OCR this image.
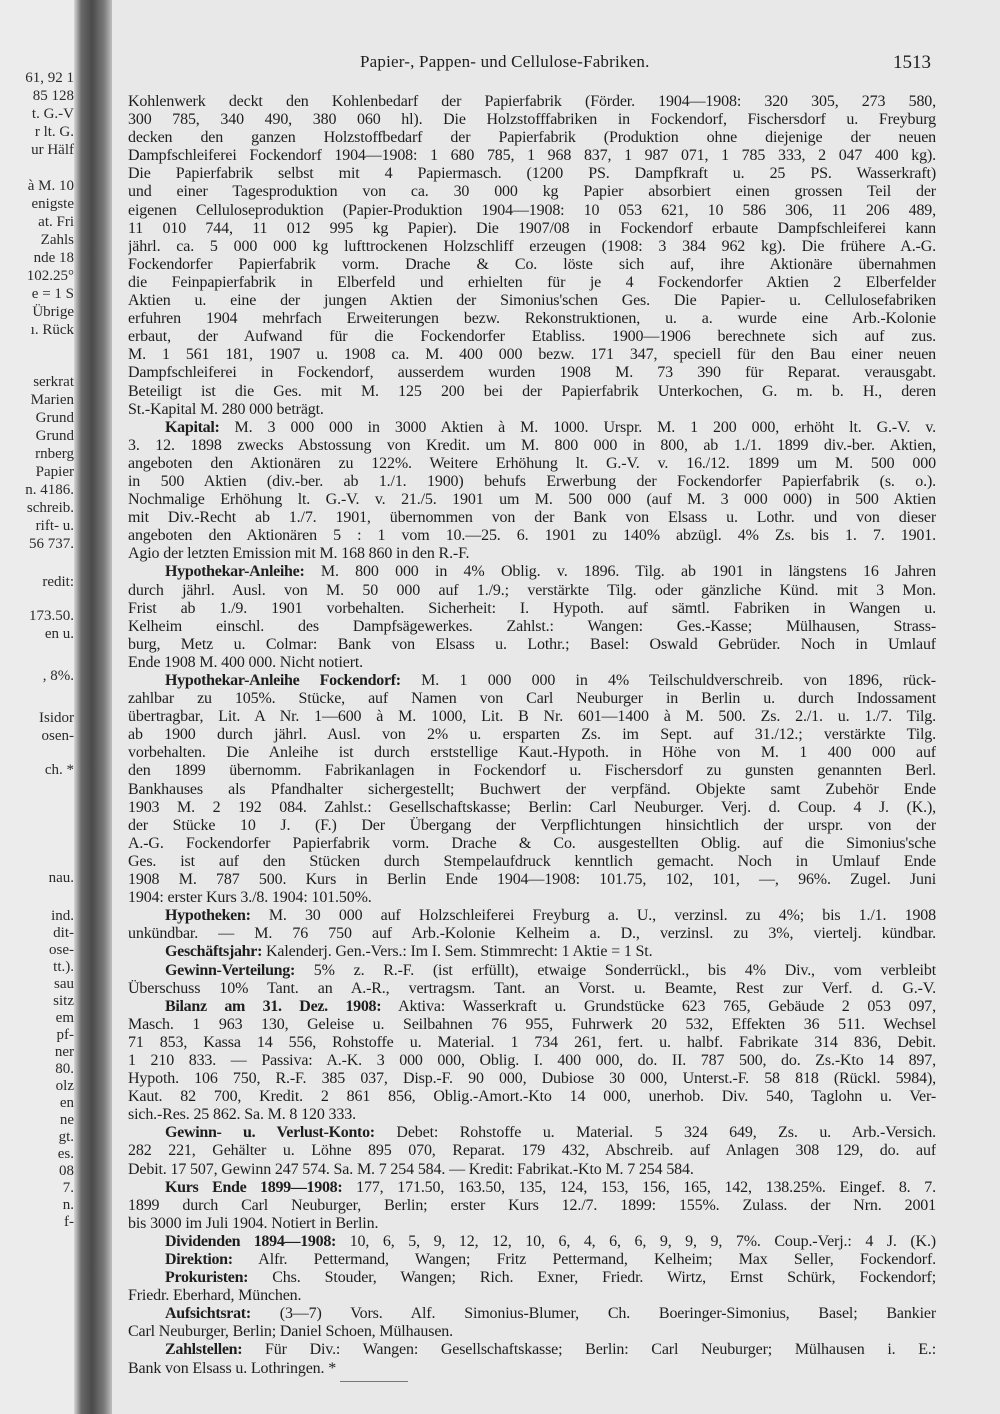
61, 92 1
85 128
t. G.-V
r lt. G.
ur Hälf
à M. 10
enigste
at. Fri
Zahls
nde 18
102.25°
e = 1 S
Übrige
ı. Rück
serkrat
Marien
Grund
Grund
rnberg
Papier
n. 4186.
schreib.
rift- u.
56 737.
redit:
173.50.
en u.
, 8%.
Isidor
osen-
ch. *
nau.
ind.
dit-
ose-
tt.).
sau
sitz
em
pf-
ner
80.
olz
en
ne
gt.
es.
08
7.
n.
f-
Papier-, Pappen- und Cellulose-Fabriken.	1513
Kohlenwerk deckt den Kohlenbedarf der Papierfabrik (Förder. 1904—1908: 320 305, 273 580,
300 785, 340 490, 380 060 hl). Die Holzstofffabriken in Fockendorf, Fischersdorf u. Freyburg
decken den ganzen Holzstoffbedarf der Papierfabrik (Produktion ohne diejenige der neuen
Dampfschleiferei Fockendorf 1904—1908: 1 680 785, 1 968 837, 1 987 071, 1 785 333, 2 047 400 kg).
Die Papierfabrik selbst mit 4 Papiermasch. (1200 PS. Dampfkraft u. 25 PS. Wasserkraft)
und einer Tagesproduktion von ca. 30 000 kg Papier absorbiert einen grossen Teil der
eigenen Celluloseproduktion (Papier-Produktion 1904—1908: 10 053 621, 10 586 306, 11 206 489,
11 010 744, 11 012 995 kg Papier). Die 1907/08 in Fockendorf erbaute Dampfschleiferei kann
jährl. ca. 5 000 000 kg lufttrockenen Holzschliff erzeugen (1908: 3 384 962 kg). Die frühere A.-G.
Fockendorfer Papierfabrik vorm. Drache & Co. löste sich auf, ihre Aktionäre übernahmen
die Feinpapierfabrik in Elberfeld und erhielten für je 4 Fockendorfer Aktien 2 Elberfelder
Aktien u. eine der jungen Aktien der Simonius'schen Ges. Die Papier- u. Cellulosefabriken
erfuhren 1904 mehrfach Erweiterungen bezw. Rekonstruktionen, u. a. wurde eine Arb.-Kolonie
erbaut, der Aufwand für die Fockendorfer Etabliss. 1900—1906 berechnete sich auf zus.
M. 1 561 181, 1907 u. 1908 ca. M. 400 000 bezw. 171 347, speciell für den Bau einer neuen
Dampfschleiferei in Fockendorf, ausserdem wurden 1908 M. 73 390 für Reparat. verausgabt.
Beteiligt ist die Ges. mit M. 125 200 bei der Papierfabrik Unterkochen, G. m. b. H., deren
St.-Kapital M. 280 000 beträgt.
Kapital: M. 3 000 000 in 3000 Aktien à M. 1000. Urspr. M. 1 200 000, erhöht lt. G.-V. v.
3. 12. 1898 zwecks Abstossung von Kredit. um M. 800 000 in 800, ab 1./1. 1899 div.-ber. Aktien,
angeboten den Aktionären zu 122%. Weitere Erhöhung lt. G.-V. v. 16./12. 1899 um M. 500 000
in 500 Aktien (div.-ber. ab 1./1. 1900) behufs Erwerbung der Fockendorfer Papierfabrik (s. o.).
Nochmalige Erhöhung lt. G.-V. v. 21./5. 1901 um M. 500 000 (auf M. 3 000 000) in 500 Aktien
mit Div.-Recht ab 1./7. 1901, übernommen von der Bank von Elsass u. Lothr. und von dieser
angeboten den Aktionären 5 : 1 vom 10.—25. 6. 1901 zu 140% abzügl. 4% Zs. bis 1. 7. 1901.
Agio der letzten Emission mit M. 168 860 in den R.-F.
Hypothekar-Anleihe: M. 800 000 in 4% Oblig. v. 1896. Tilg. ab 1901 in längstens 16 Jahren
durch jährl. Ausl. von M. 50 000 auf 1./9.; verstärkte Tilg. oder gänzliche Künd. mit 3 Mon.
Frist ab 1./9. 1901 vorbehalten. Sicherheit: I. Hypoth. auf sämtl. Fabriken in Wangen u.
Kelheim einschl. des Dampfsägewerkes. Zahlst.: Wangen: Ges.-Kasse; Mülhausen, Strass-
burg, Metz u. Colmar: Bank von Elsass u. Lothr.; Basel: Oswald Gebrüder. Noch in Umlauf
Ende 1908 M. 400 000. Nicht notiert.
Hypothekar-Anleihe Fockendorf: M. 1 000 000 in 4% Teilschuldverschreib. von 1896, rück-
zahlbar zu 105%. Stücke, auf Namen von Carl Neuburger in Berlin u. durch Indossament
übertragbar, Lit. A Nr. 1—600 à M. 1000, Lit. B Nr. 601—1400 à M. 500. Zs. 2./1. u. 1./7. Tilg.
ab 1900 durch jährl. Ausl. von 2% u. ersparten Zs. im Sept. auf 31./12.; verstärkte Tilg.
vorbehalten. Die Anleihe ist durch erststellige Kaut.-Hypoth. in Höhe von M. 1 400 000 auf
den 1899 übernomm. Fabrikanlagen in Fockendorf u. Fischersdorf zu gunsten genannten Berl.
Bankhauses als Pfandhalter sichergestellt; Buchwert der verpfänd. Objekte samt Zubehör Ende
1903 M. 2 192 084. Zahlst.: Gesellschaftskasse; Berlin: Carl Neuburger. Verj. d. Coup. 4 J. (K.),
der Stücke 10 J. (F.) Der Übergang der Verpflichtungen hinsichtlich der urspr. von der
A.-G. Fockendorfer Papierfabrik vorm. Drache & Co. ausgestellten Oblig. auf die Simonius'sche
Ges. ist auf den Stücken durch Stempelaufdruck kenntlich gemacht. Noch in Umlauf Ende
1908 M. 787 500. Kurs in Berlin Ende 1904—1908: 101.75, 102, 101, —, 96%. Zugel. Juni
1904: erster Kurs 3./8. 1904: 101.50%.
Hypotheken: M. 30 000 auf Holzschleiferei Freyburg a. U., verzinsl. zu 4%; bis 1./1. 1908
unkündbar. — M. 76 750 auf Arb.-Kolonie Kelheim a. D., verzinsl. zu 3%, viertelj. kündbar.
Geschäftsjahr: Kalenderj. Gen.-Vers.: Im I. Sem. Stimmrecht: 1 Aktie = 1 St.
Gewinn-Verteilung: 5% z. R.-F. (ist erfüllt), etwaige Sonderrückl., bis 4% Div., vom verbleibt
Überschuss 10% Tant. an A.-R., vertragsm. Tant. an Vorst. u. Beamte, Rest zur Verf. d. G.-V.
Bilanz am 31. Dez. 1908: Aktiva: Wasserkraft u. Grundstücke 623 765, Gebäude 2 053 097,
Masch. 1 963 130, Geleise u. Seilbahnen 76 955, Fuhrwerk 20 532, Effekten 36 511. Wechsel
71 853, Kassa 14 556, Rohstoffe u. Material. 1 734 261, fert. u. halbf. Fabrikate 314 836, Debit.
1 210 833. — Passiva: A.-K. 3 000 000, Oblig. I. 400 000, do. II. 787 500, do. Zs.-Kto 14 897,
Hypoth. 106 750, R.-F. 385 037, Disp.-F. 90 000, Dubiose 30 000, Unterst.-F. 58 818 (Rückl. 5984),
Kaut. 82 700, Kredit. 2 861 856, Oblig.-Amort.-Kto 14 000, unerhob. Div. 540, Taglohn u. Ver-
sich.-Res. 25 862. Sa. M. 8 120 333.
Gewinn- u. Verlust-Konto: Debet: Rohstoffe u. Material. 5 324 649, Zs. u. Arb.-Versich.
282 221, Gehälter u. Löhne 895 070, Reparat. 179 432, Abschreib. auf Anlagen 308 129, do. auf
Debit. 17 507, Gewinn 247 574. Sa. M. 7 254 584. — Kredit: Fabrikat.-Kto M. 7 254 584.
Kurs Ende 1899—1908: 177, 171.50, 163.50, 135, 124, 153, 156, 165, 142, 138.25%. Eingef. 8. 7.
1899 durch Carl Neuburger, Berlin; erster Kurs 12./7. 1899: 155%. Zulass. der Nrn. 2001
bis 3000 im Juli 1904. Notiert in Berlin.
Dividenden 1894—1908: 10, 6, 5, 9, 12, 12, 10, 6, 4, 6, 6, 9, 9, 9, 7%. Coup.-Verj.: 4 J. (K.)
Direktion: Alfr. Pettermand, Wangen; Fritz Pettermand, Kelheim; Max Seller, Fockendorf.
Prokuristen: Chs. Stouder, Wangen; Rich. Exner, Friedr. Wirtz, Ernst Schürk, Fockendorf;
Friedr. Eberhard, München.
Aufsichtsrat: (3—7) Vors. Alf. Simonius-Blumer, Ch. Boeringer-Simonius, Basel; Bankier
Carl Neuburger, Berlin; Daniel Schoen, Mülhausen.
Zahlstellen: Für Div.: Wangen: Gesellschaftskasse; Berlin: Carl Neuburger; Mülhausen i. E.:
Bank von Elsass u. Lothringen. *
